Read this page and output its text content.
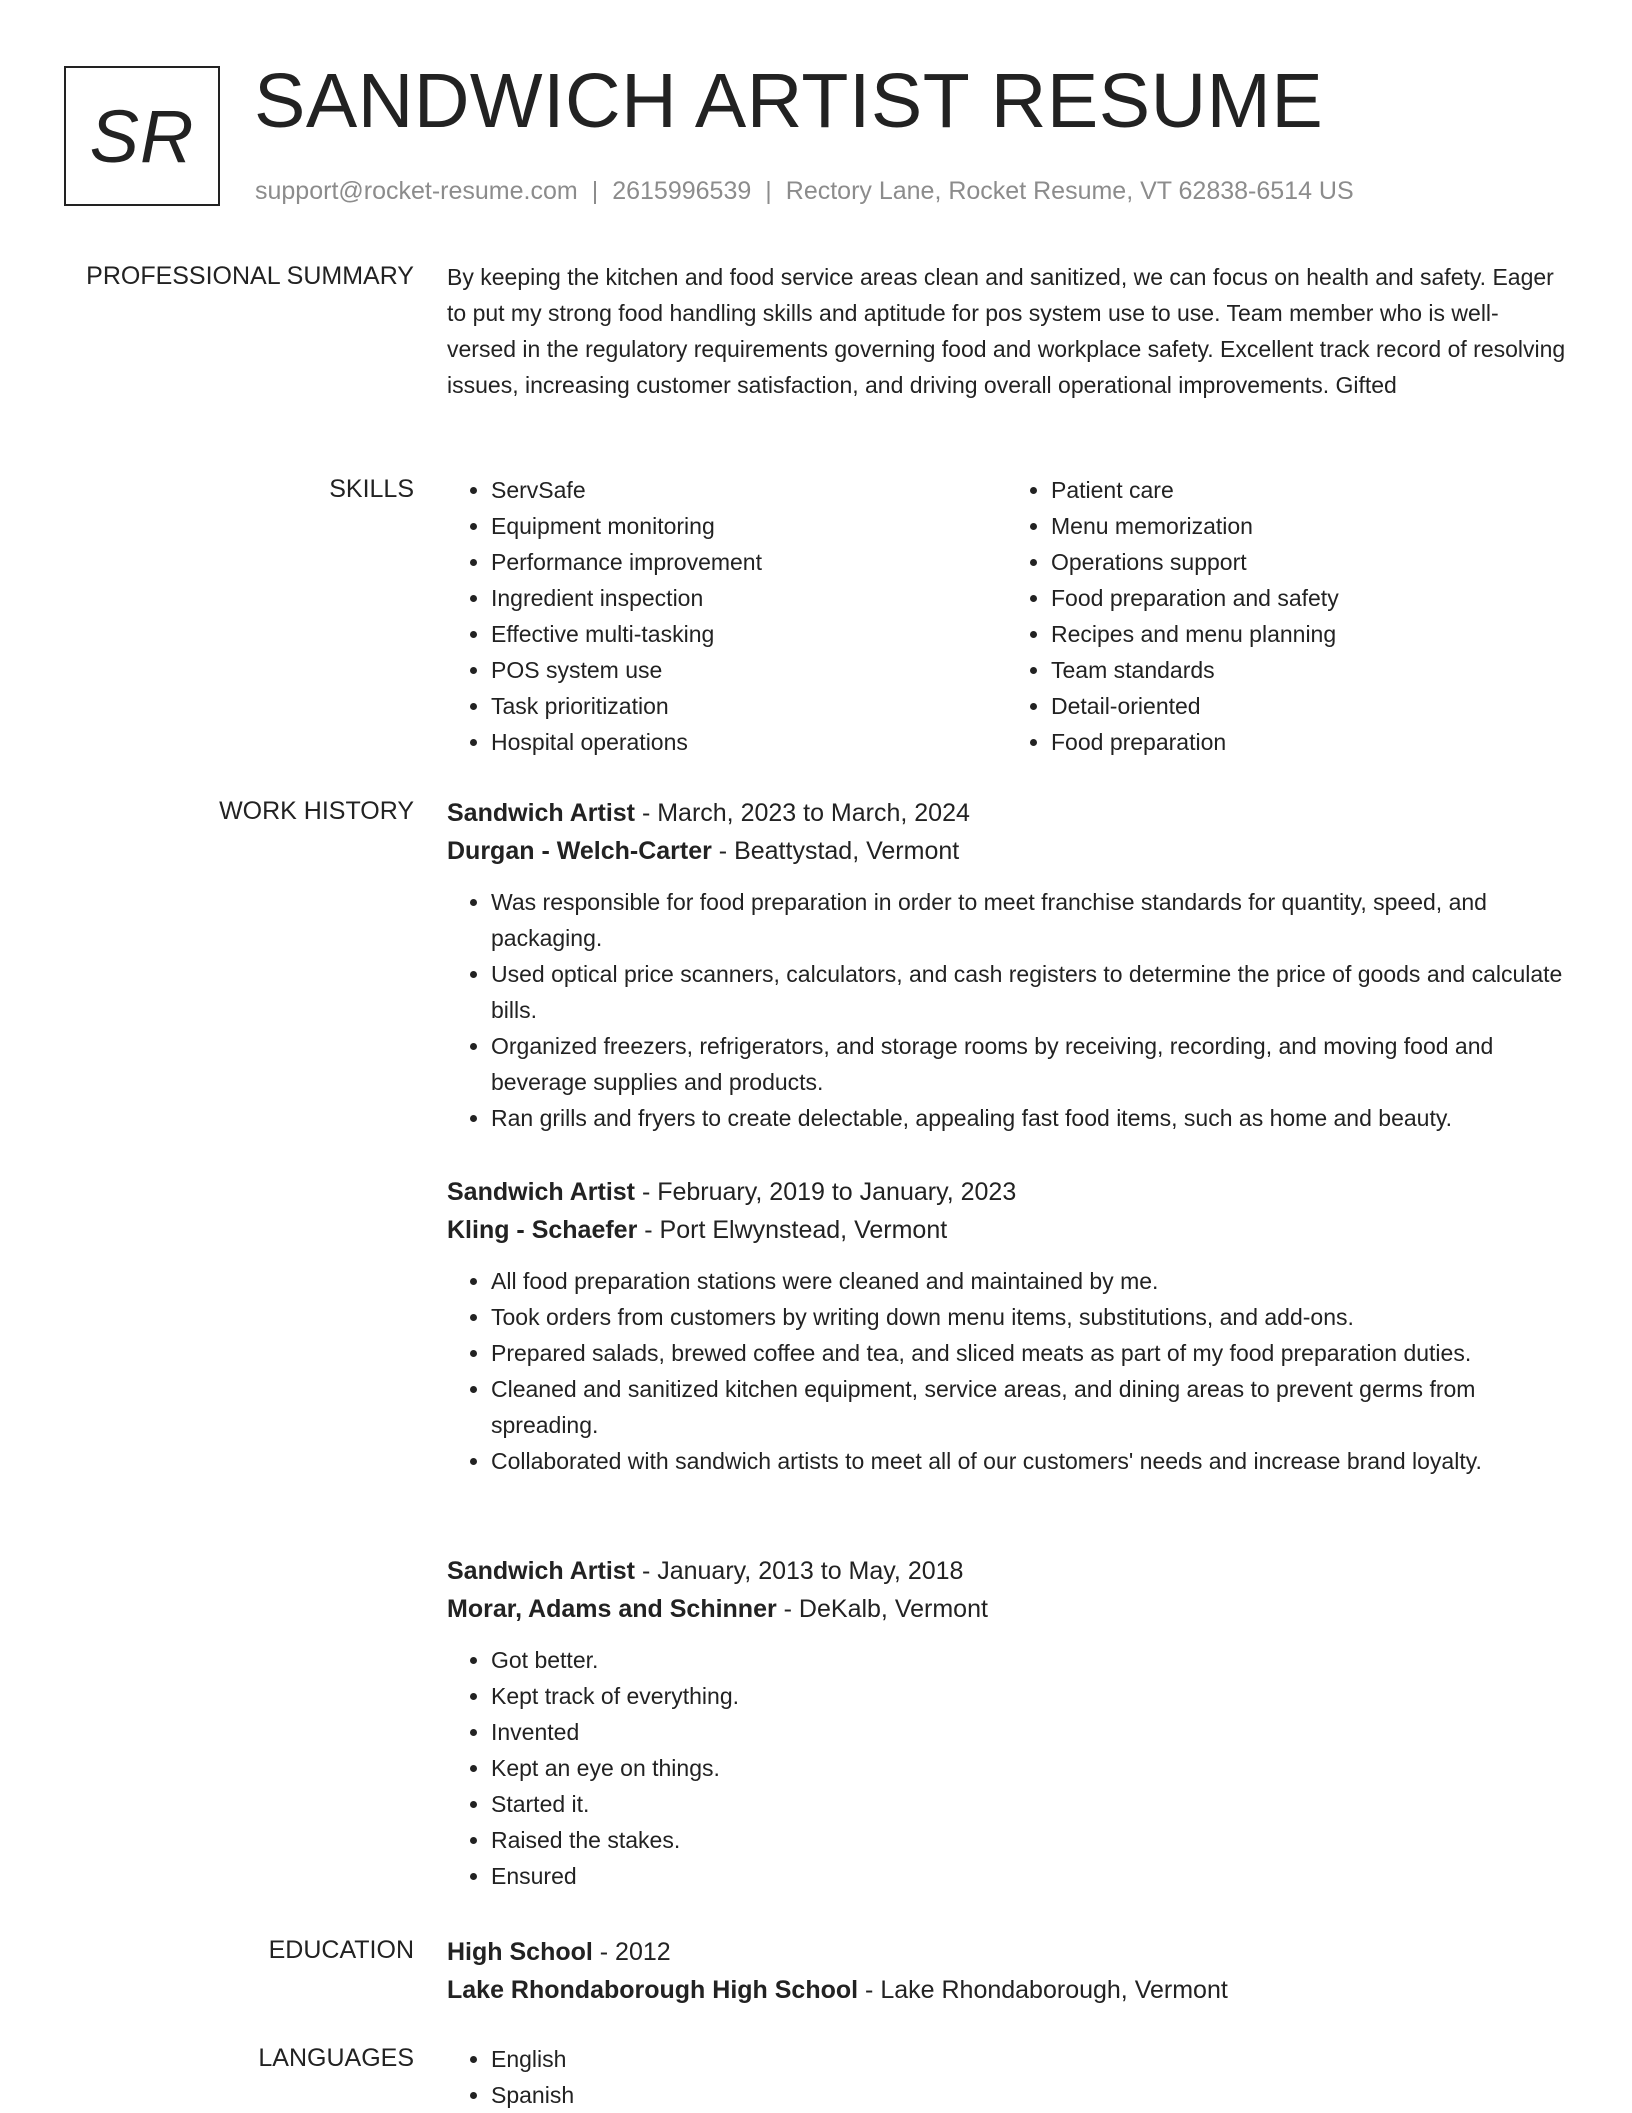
SR SANDWICH ARTIST RESUME
support@rocket-resume.com | 2615996539 | Rectory Lane, Rocket Resume, VT 62838-6514 US
PROFESSIONAL SUMMARY By keeping the kitchen and food service areas clean and sanitized, we can focus on health and safety. Eager to put my strong food handling skills and aptitude for pos system use to use. Team member who is well-versed in the regulatory requirements governing food and workplace safety. Excellent track record of resolving issues, increasing customer satisfaction, and driving overall operational improvements. Gifted

SKILLS	• ServSafe
• Equipment monitoring
• Performance improvement
• Ingredient inspection
• Effective multi-tasking
• POS system use
• Task prioritization
• Hospital operations
• Patient care
• Menu memorization
• Operations support
• Food preparation and safety
• Recipes and menu planning
• Team standards
• Detail-oriented
• Food preparation
WORK HISTORY Sandwich Artist - March, 2023 to March, 2024
Durgan - Welch-Carter - Beattystad, Vermont
• Was responsible for food preparation in order to meet franchise standards for quantity, speed, and packaging.
• Used optical price scanners, calculators, and cash registers to determine the price of goods and calculate bills.
• Organized freezers, refrigerators, and storage rooms by receiving, recording, and moving food and beverage supplies and products.
• Ran grills and fryers to create delectable, appealing fast food items, such as home and beauty.
Sandwich Artist - February, 2019 to January, 2023
Kling - Schaefer - Port Elwynstead, Vermont
• All food preparation stations were cleaned and maintained by me.
• Took orders from customers by writing down menu items, substitutions, and add-ons.
• Prepared salads, brewed coffee and tea, and sliced meats as part of my food preparation duties.
• Cleaned and sanitized kitchen equipment, service areas, and dining areas to prevent germs from spreading.
• Collaborated with sandwich artists to meet all of our customers' needs and increase brand loyalty.
Sandwich Artist - January, 2013 to May, 2018
Morar, Adams and Schinner - DeKalb, Vermont
• Got better.
• Kept track of everything.
• Invented
• Kept an eye on things.
• Started it.
• Raised the stakes.
• Ensured
EDUCATION High School - 2012
Lake Rhondaborough High School - Lake Rhondaborough, Vermont
LANGUAGES	• English
• Spanish
